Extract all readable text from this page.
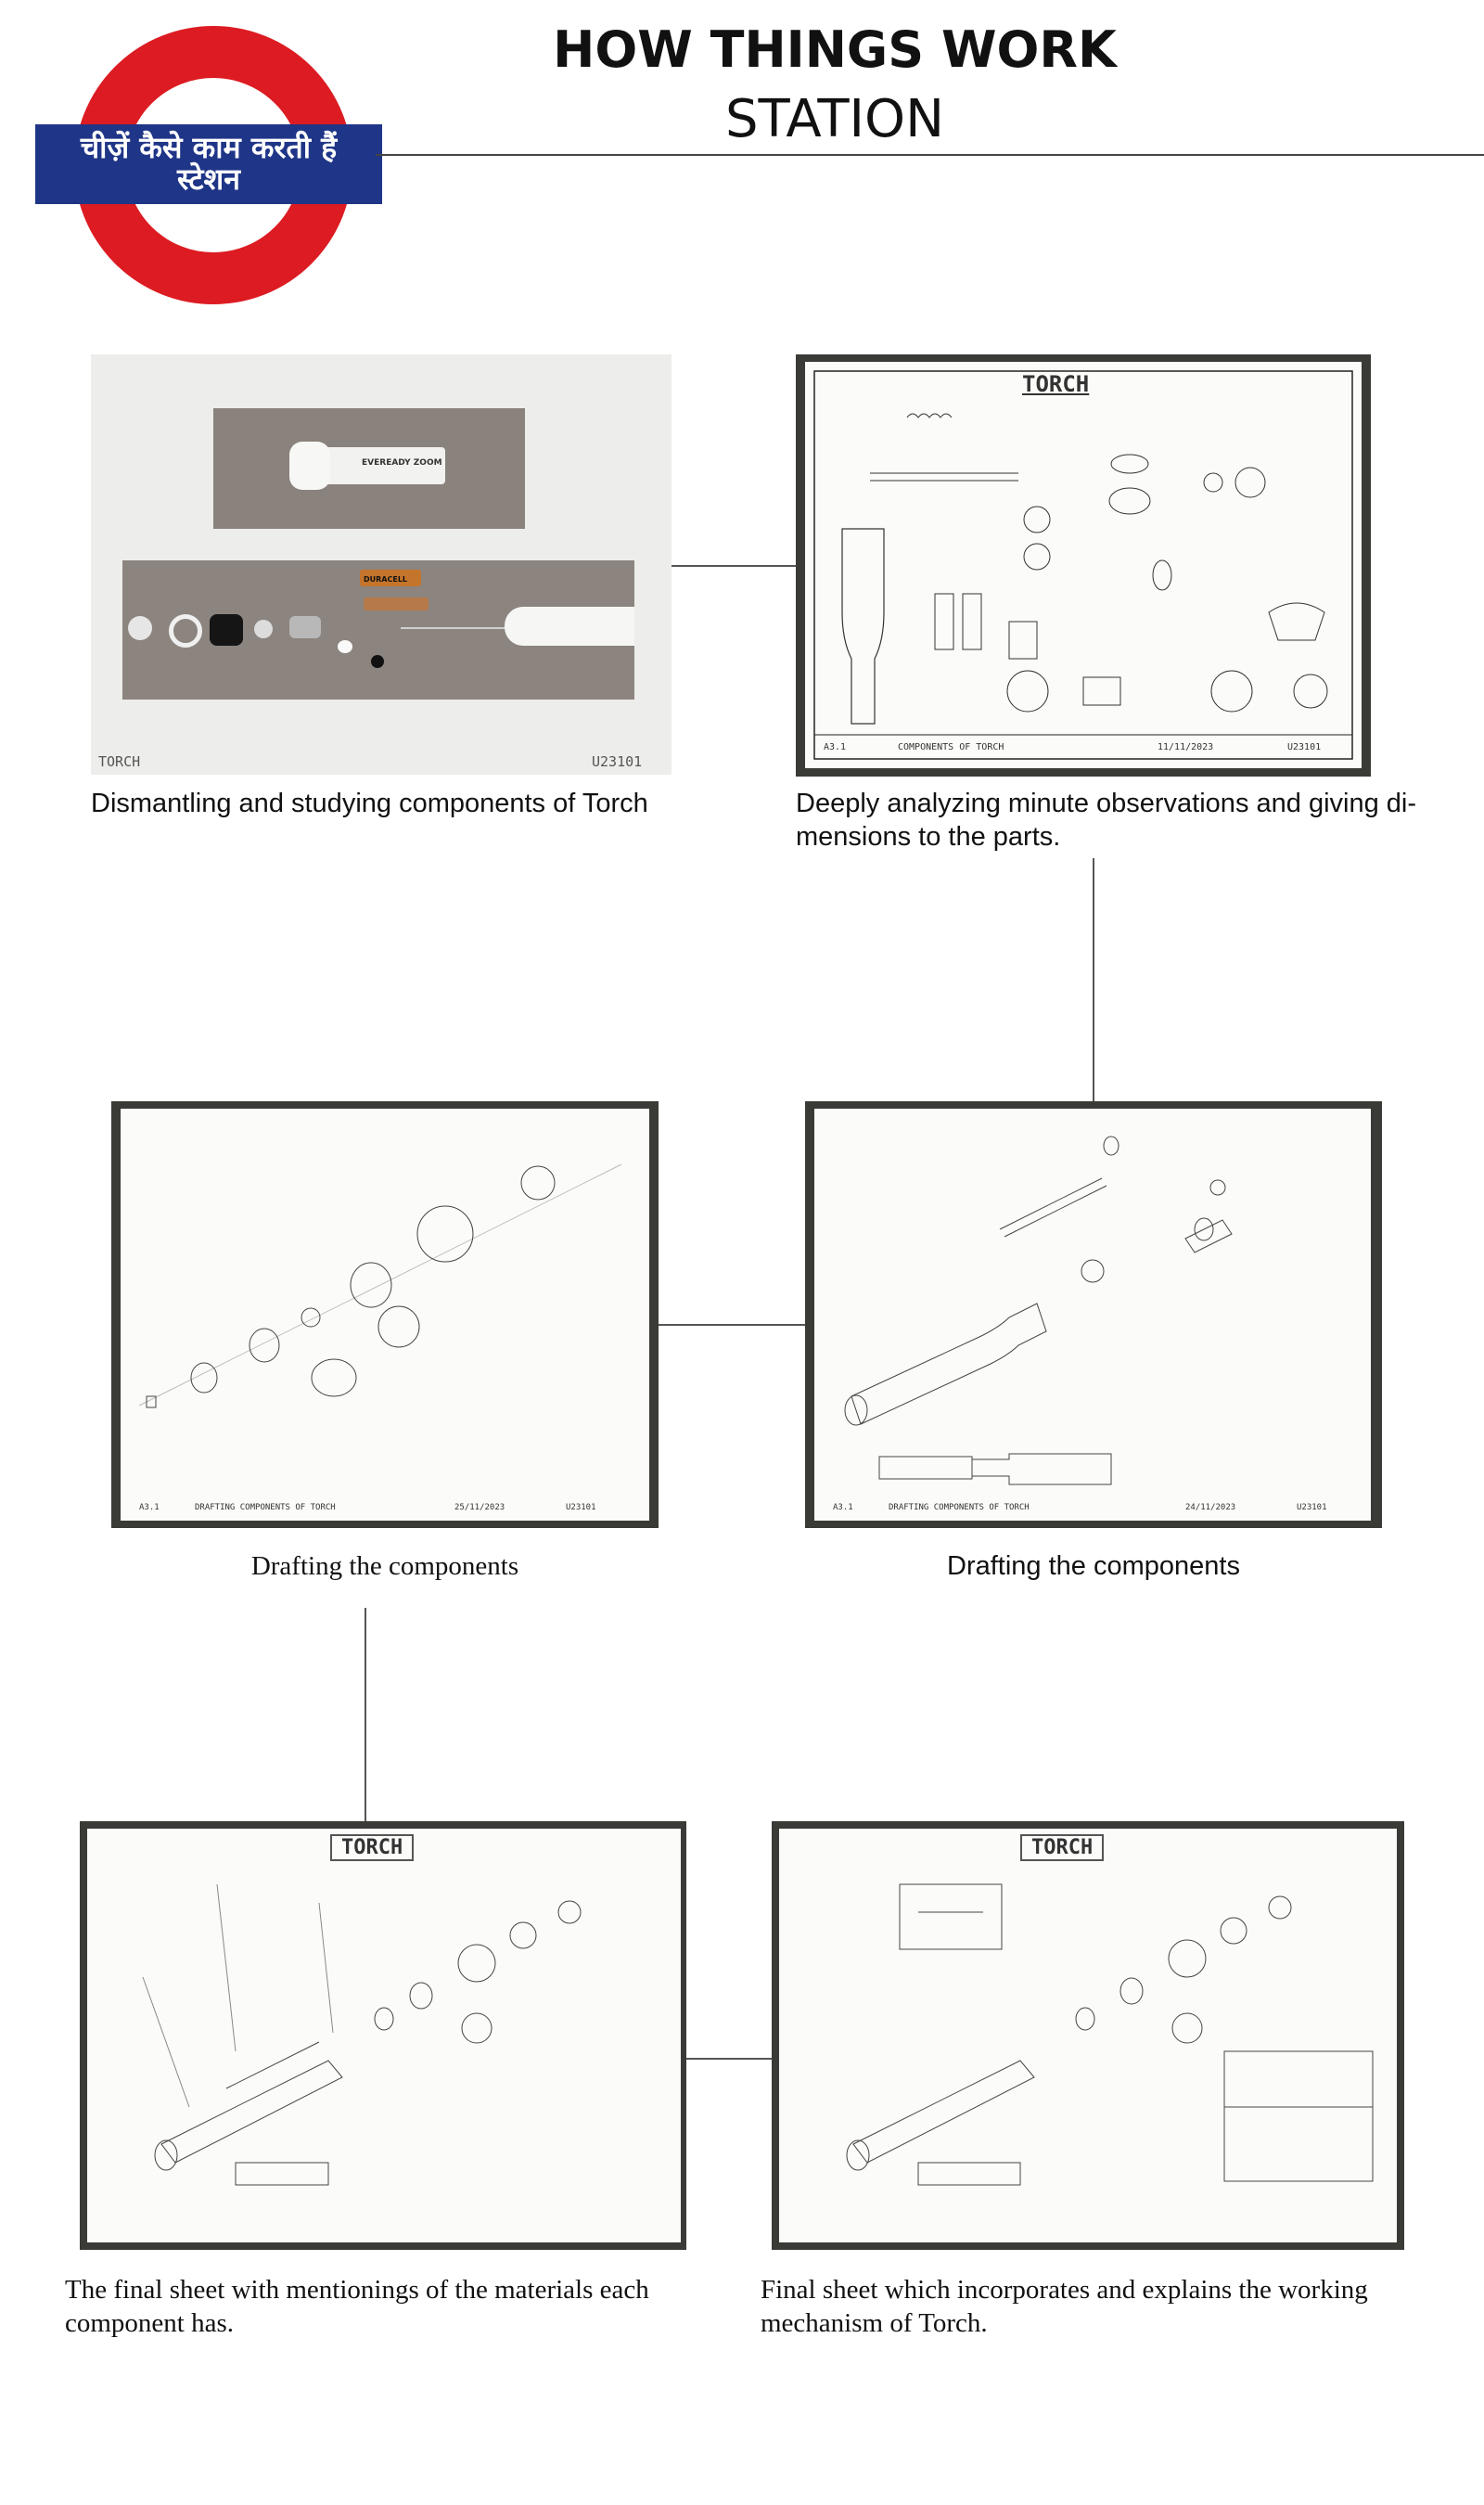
चीज़ें कैसे काम करती हैं
स्टेशन
HOW THINGS WORK
STATION
EVEREADY ZOOM
DURACELL
TORCH	U23101
Dismantling and studying components of Torch
A3.1	COMPONENTS OF TORCH	11/11/2023	U23101
TORCH
Deeply analyzing minute observations and giving di-mensions to the parts.
A3.1	DRAFTING COMPONENTS OF TORCH	25/11/2023	U23101
Drafting the components
A3.1	DRAFTING COMPONENTS OF TORCH	24/11/2023	U23101
Drafting the components
TORCH
The final sheet with mentionings of the materials each component has.
TORCH
Final sheet which incorporates and explains the working mechanism of Torch.
